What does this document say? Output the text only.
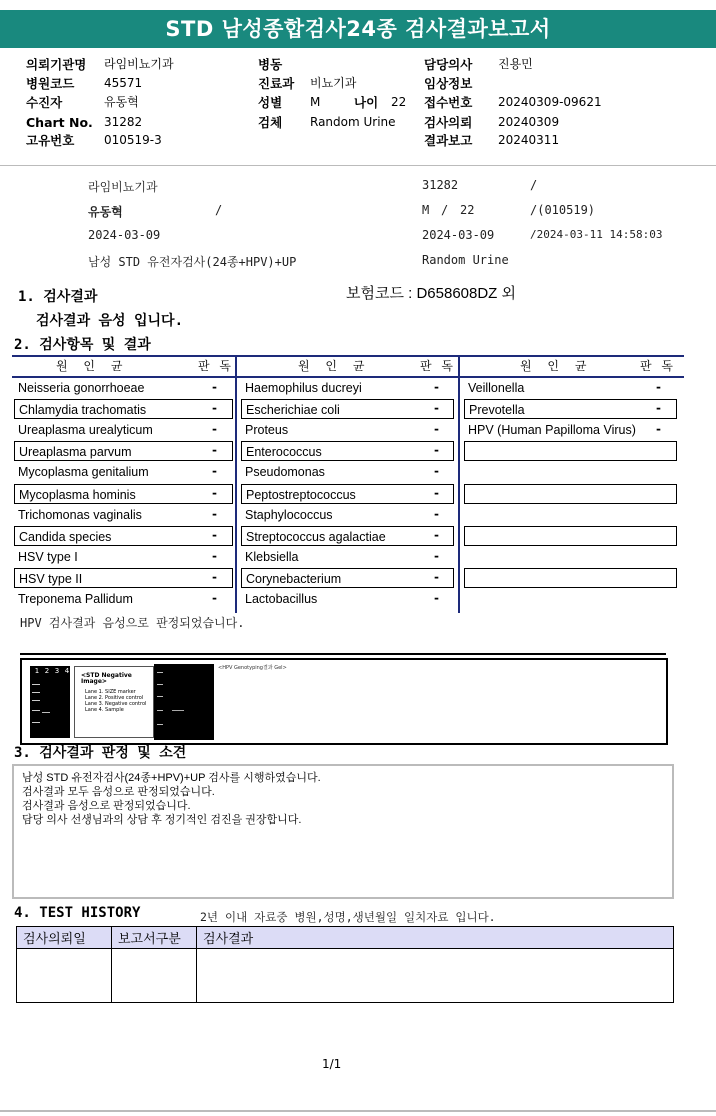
STD 남성종합검사24종 검사결과보고서
의뢰기관명 라임비뇨기과
병원코드 45571
수진자	유동혁
Chart No. 31282
고유번호 010519-3
병동
진료과 비뇨기과
성별 M
검체 Random Urine
담당의사 진용민
임상정보
접수번호 20240309-09621
검사의뢰 20240309
결과보고 20240311
나이 22
라임비뇨기과	31282	/
유동혁	/	M / 22	/(010519)
2024-03-09	2024-03-09	/2024-03-11 14:58:03
남성 STD 유전자검사(24종+HPV)+UP	Random Urine
1. 검사결과	보험코드 : D658608DZ 외
검사결과 음성 입니다.
2. 검사항목 및 결과
원 인 균	판 독
Neisseria gonorrhoeae	-
Chlamydia trachomatis	-
Ureaplasma urealyticum	-
Ureaplasma parvum	-
Mycoplasma genitalium	-
Mycoplasma hominis	-
Trichomonas vaginalis	-
Candida species	-
HSV type I	-
HSV type II	-
Treponema Pallidum	-
원 인 균	판 독
Haemophilus ducreyi	-
Escherichiae coli	-
Proteus	-
Enterococcus	-
Pseudomonas	-
Peptostreptococcus	-
Staphylococcus	-
Streptococcus agalactiae	-
Klebsiella	-
Corynebacterium	-
Lactobacillus	-
원 인 균	판 독
Veillonella	-
Prevotella	-
HPV (Human Papilloma Virus)	-
HPV 검사결과 음성으로 판정되었습니다.
1 2 3 4
<STD Negative Image>
Lane 1. SIZE marker
Lane 2. Positive control
Lane 3. Negative control
Lane 4. Sample
<HPV Genotyping결과 Gel>
3. 검사결과 판정 및 소견
남성 STD 유전자검사(24종+HPV)+UP 검사를 시행하였습니다.
검사결과 모두 음성으로 판정되었습니다.
검사결과 음성으로 판정되었습니다.
담당 의사 선생님과의 상담 후 정기적인 검진을 권장합니다.
4. TEST HISTORY	2년 이내 자료중 병원,성명,생년월일 일치자료 입니다.
검사의뢰일	보고서구분	검사결과

1/1
